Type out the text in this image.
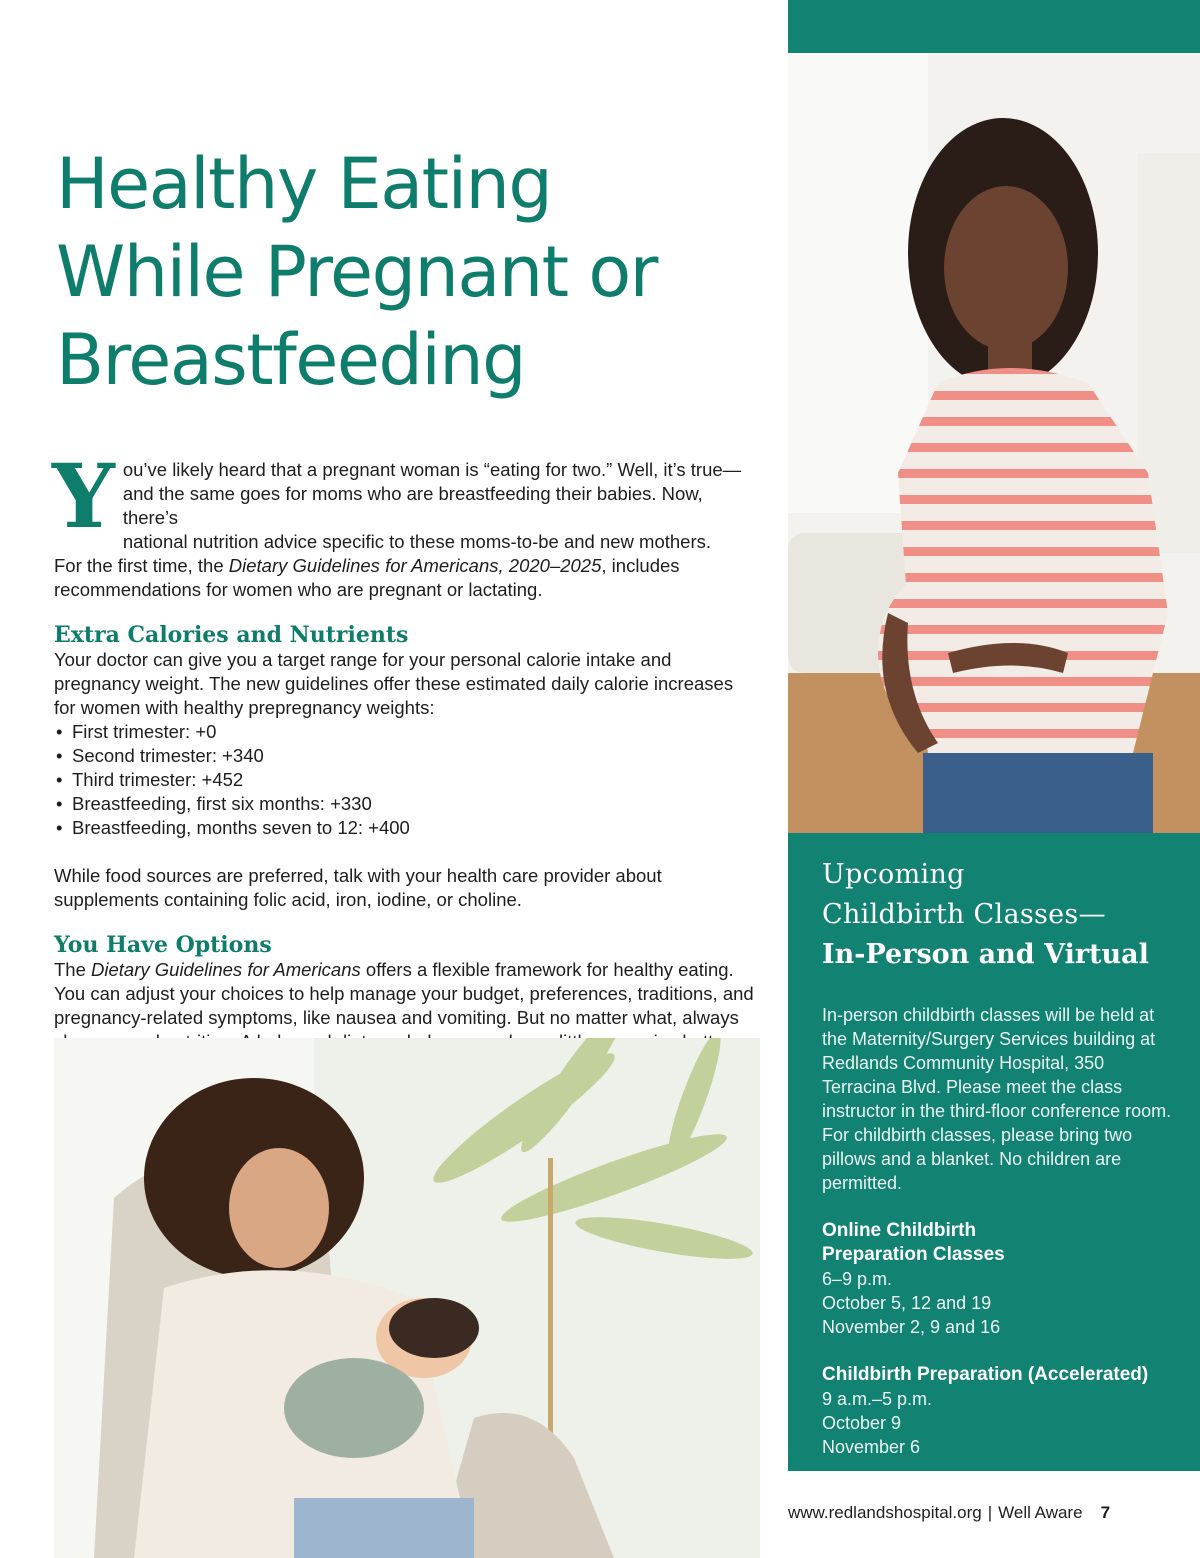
Healthy Eating
While Pregnant or
Breastfeeding
Y ou’ve likely heard that a pregnant woman is “eating for two.” Well, it’s true—
and the same goes for moms who are breastfeeding their babies. Now, there’s
national nutrition advice specific to these moms-to-be and new mothers.

For the first time, the Dietary Guidelines for Americans, 2020–2025, includes recommendations for women who are pregnant or lactating.

Extra Calories and Nutrients

Your doctor can give you a target range for your personal calorie intake and pregnancy weight. The new guidelines offer these estimated daily calorie increases for women with healthy prepregnancy weights:

• First trimester: +0
• Second trimester: +340
• Third trimester: +452
• Breastfeeding, first six months: +330
• Breastfeeding, months seven to 12: +400

While food sources are preferred, talk with your health care provider about supplements containing folic acid, iron, iodine, or choline.

You Have Options

The Dietary Guidelines for Americans offers a flexible framework for healthy eating. You can adjust your choices to help manage your budget, preferences, traditions, and pregnancy-related symptoms, like nausea and vomiting. But no matter what, always

Upcoming
Childbirth Classes—
In-Person and Virtual

In-person childbirth classes will be held at the Maternity/Surgery Services building at Redlands Community Hospital, 350 Terracina Blvd. Please meet the class instructor in the third-floor conference room. For childbirth classes, please bring two pillows and a blanket. No children are permitted.

Online Childbirth
Preparation Classes

6–9 p.m.

October 5, 12 and 19

November 2, 9 and 16

Childbirth Preparation (Accelerated)

9 a.m.–5 p.m.

October 9

November 6

www.redlandshospital.org | Well Aware 7
